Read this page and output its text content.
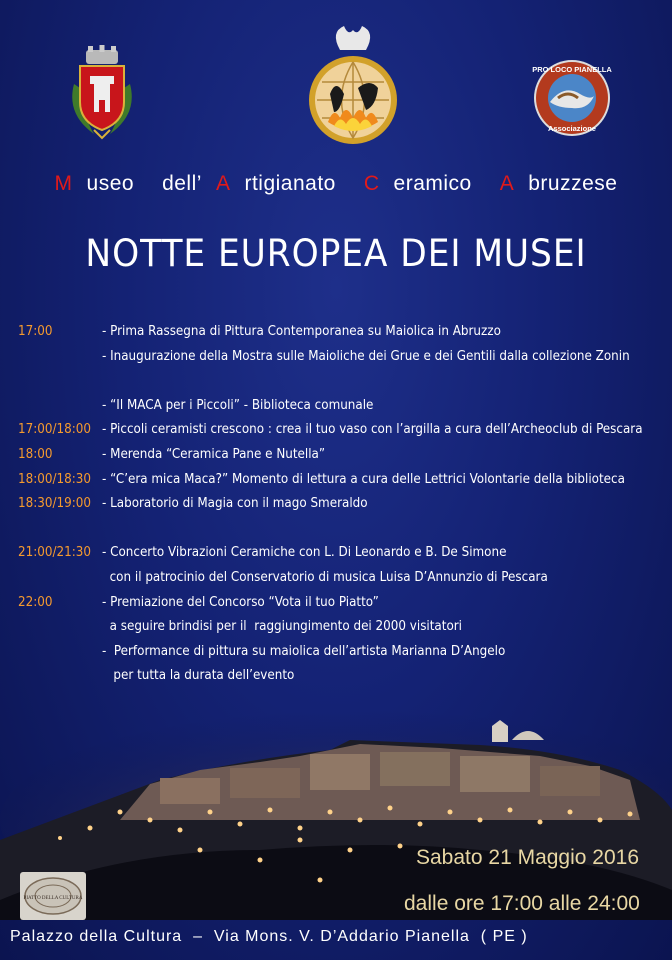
PRO LOCO PIANELLA
Associazione
M useo dell’ A rtigianato C eramico A bruzzese
NOTTE EUROPEA DEI MUSEI
17:00	- Prima Rassegna di Pittura Contemporanea su Maiolica in Abruzzo
- Inaugurazione della Mostra sulle Maioliche dei Grue e dei Gentili dalla collezione Zonin
- “Il MACA per i Piccoli” - Biblioteca comunale
17:00/18:00 - Piccoli ceramisti crescono : crea il tuo vaso con l’argilla a cura dell’Archeoclub di Pescara
18:00	- Merenda “Ceramica Pane e Nutella”
18:00/18:30 - “C’era mica Maca?” Momento di lettura a cura delle Lettrici Volontarie della biblioteca
18:30/19:00 - Laboratorio di Magia con il mago Smeraldo
21:00/21:30 - Concerto Vibrazioni Ceramiche con L. Di Leonardo e B. De Simone
con il patrocinio del Conservatorio di musica Luisa D’Annunzio di Pescara
22:00	- Premiazione del Concorso “Vota il tuo Piatto”
a seguire brindisi per il  raggiungimento dei 2000 visitatori
-  Performance di pittura su maiolica dell’artista Marianna D’Angelo
per tutta la durata dell’evento
Sabato 21 Maggio 2016
dalle ore 17:00 alle 24:00
PIATTO DELLA CULTURA
Palazzo della Cultura  –  Via Mons. V. D’Addario Pianella  ( PE )
